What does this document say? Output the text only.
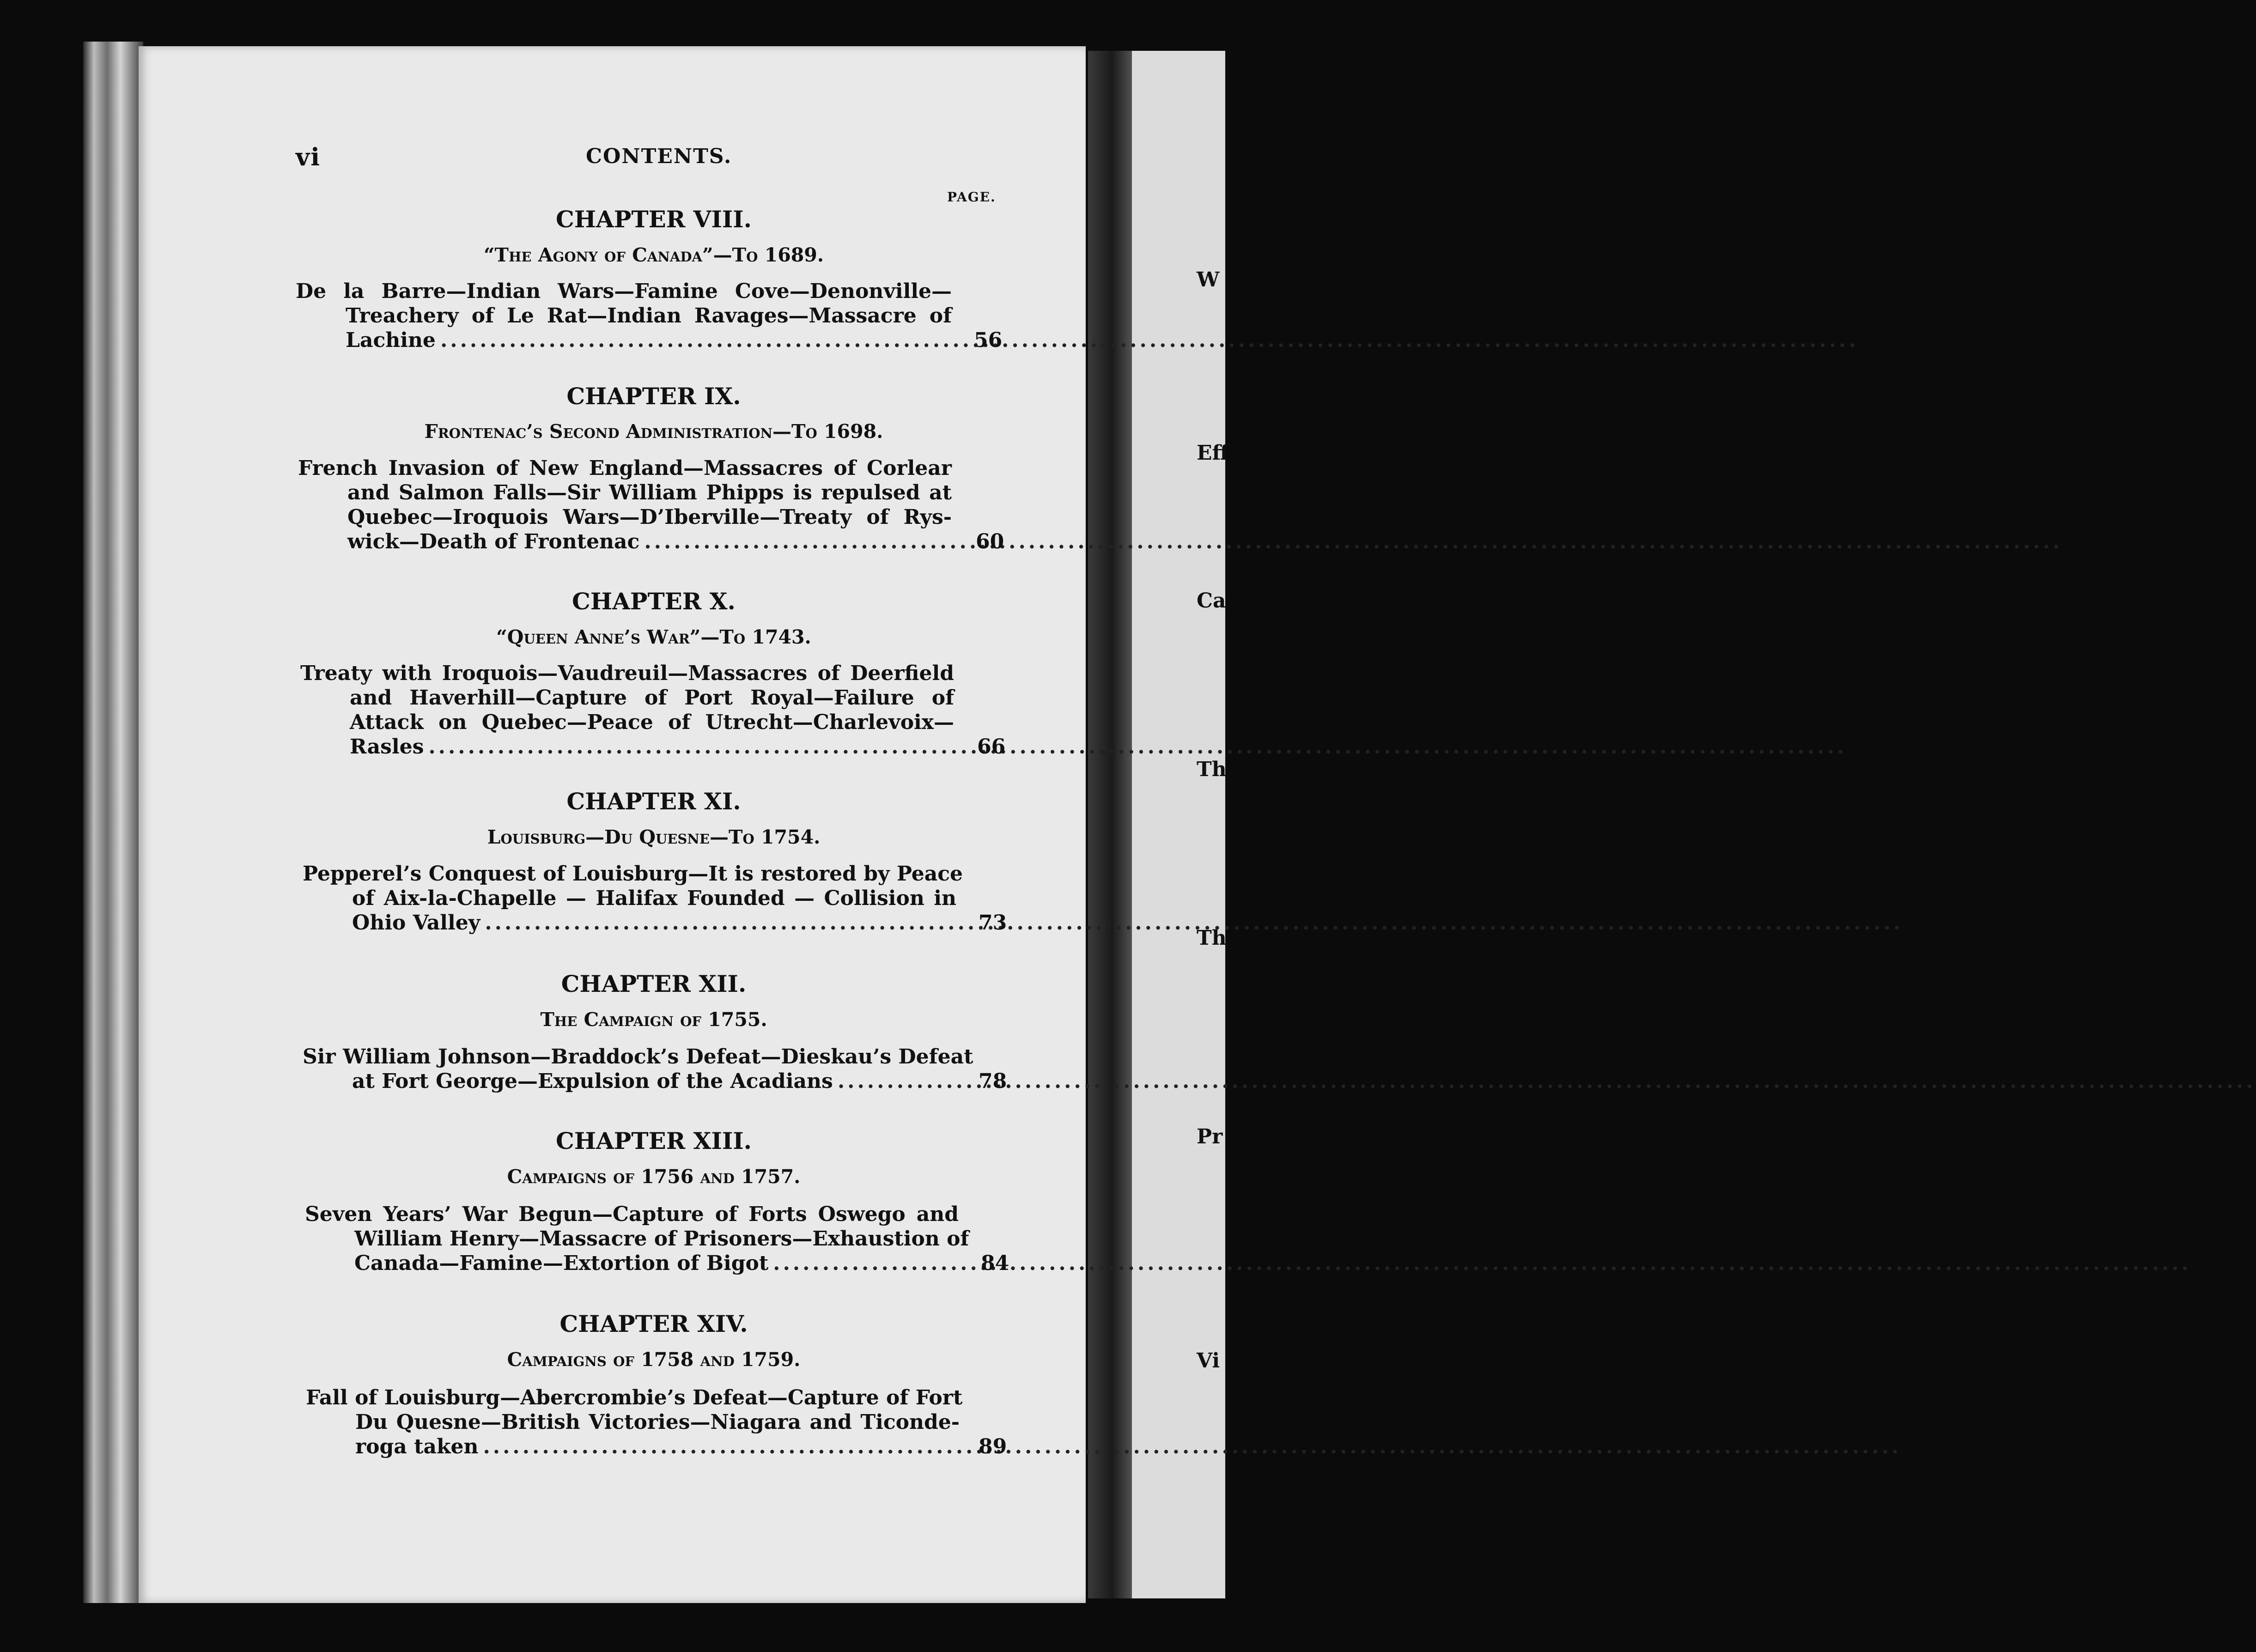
W
Eff
Ca
Th
Th
Pr
Vi
vi	CONTENTS.
PAGE.
CHAPTER VIII.
“The Agony of Canada”—To 1689.
De la Barre—Indian Wars—Famine Cove—Denonville—
Treachery of Le Rat—Indian Ravages—Massacre of
Lachine .....	56
CHAPTER IX.
Frontenac’s Second Administration—To 1698.
French Invasion of New England—Massacres of Corlear
and Salmon Falls—Sir William Phipps is repulsed at
Quebec—Iroquois Wars—D’Iberville—Treaty of Rys-
wick—Death of Frontenac .....	60
CHAPTER X.
“Queen Anne’s War”—To 1743.
Treaty with Iroquois—Vaudreuil—Massacres of Deerfield
and Haverhill—Capture of Port Royal—Failure of
Attack on Quebec—Peace of Utrecht—Charlevoix—
Rasles .....	66
CHAPTER XI.
Louisburg—Du Quesne—To 1754.
Pepperel’s Conquest of Louisburg—It is restored by Peace
of Aix-la-Chapelle — Halifax Founded — Collision in
Ohio Valley .....	73
CHAPTER XII.
The Campaign of 1755.
Sir William Johnson—Braddock’s Defeat—Dieskau’s Defeat
at Fort George—Expulsion of the Acadians .....	78
CHAPTER XIII.
Campaigns of 1756 and 1757.
Seven Years’ War Begun—Capture of Forts Oswego and
William Henry—Massacre of Prisoners—Exhaustion of
Canada—Famine—Extortion of Bigot .....	84
CHAPTER XIV.
Campaigns of 1758 and 1759.
Fall of Louisburg—Abercrombie’s Defeat—Capture of Fort
Du Quesne—British Victories—Niagara and Ticonde-
roga taken .....	89
